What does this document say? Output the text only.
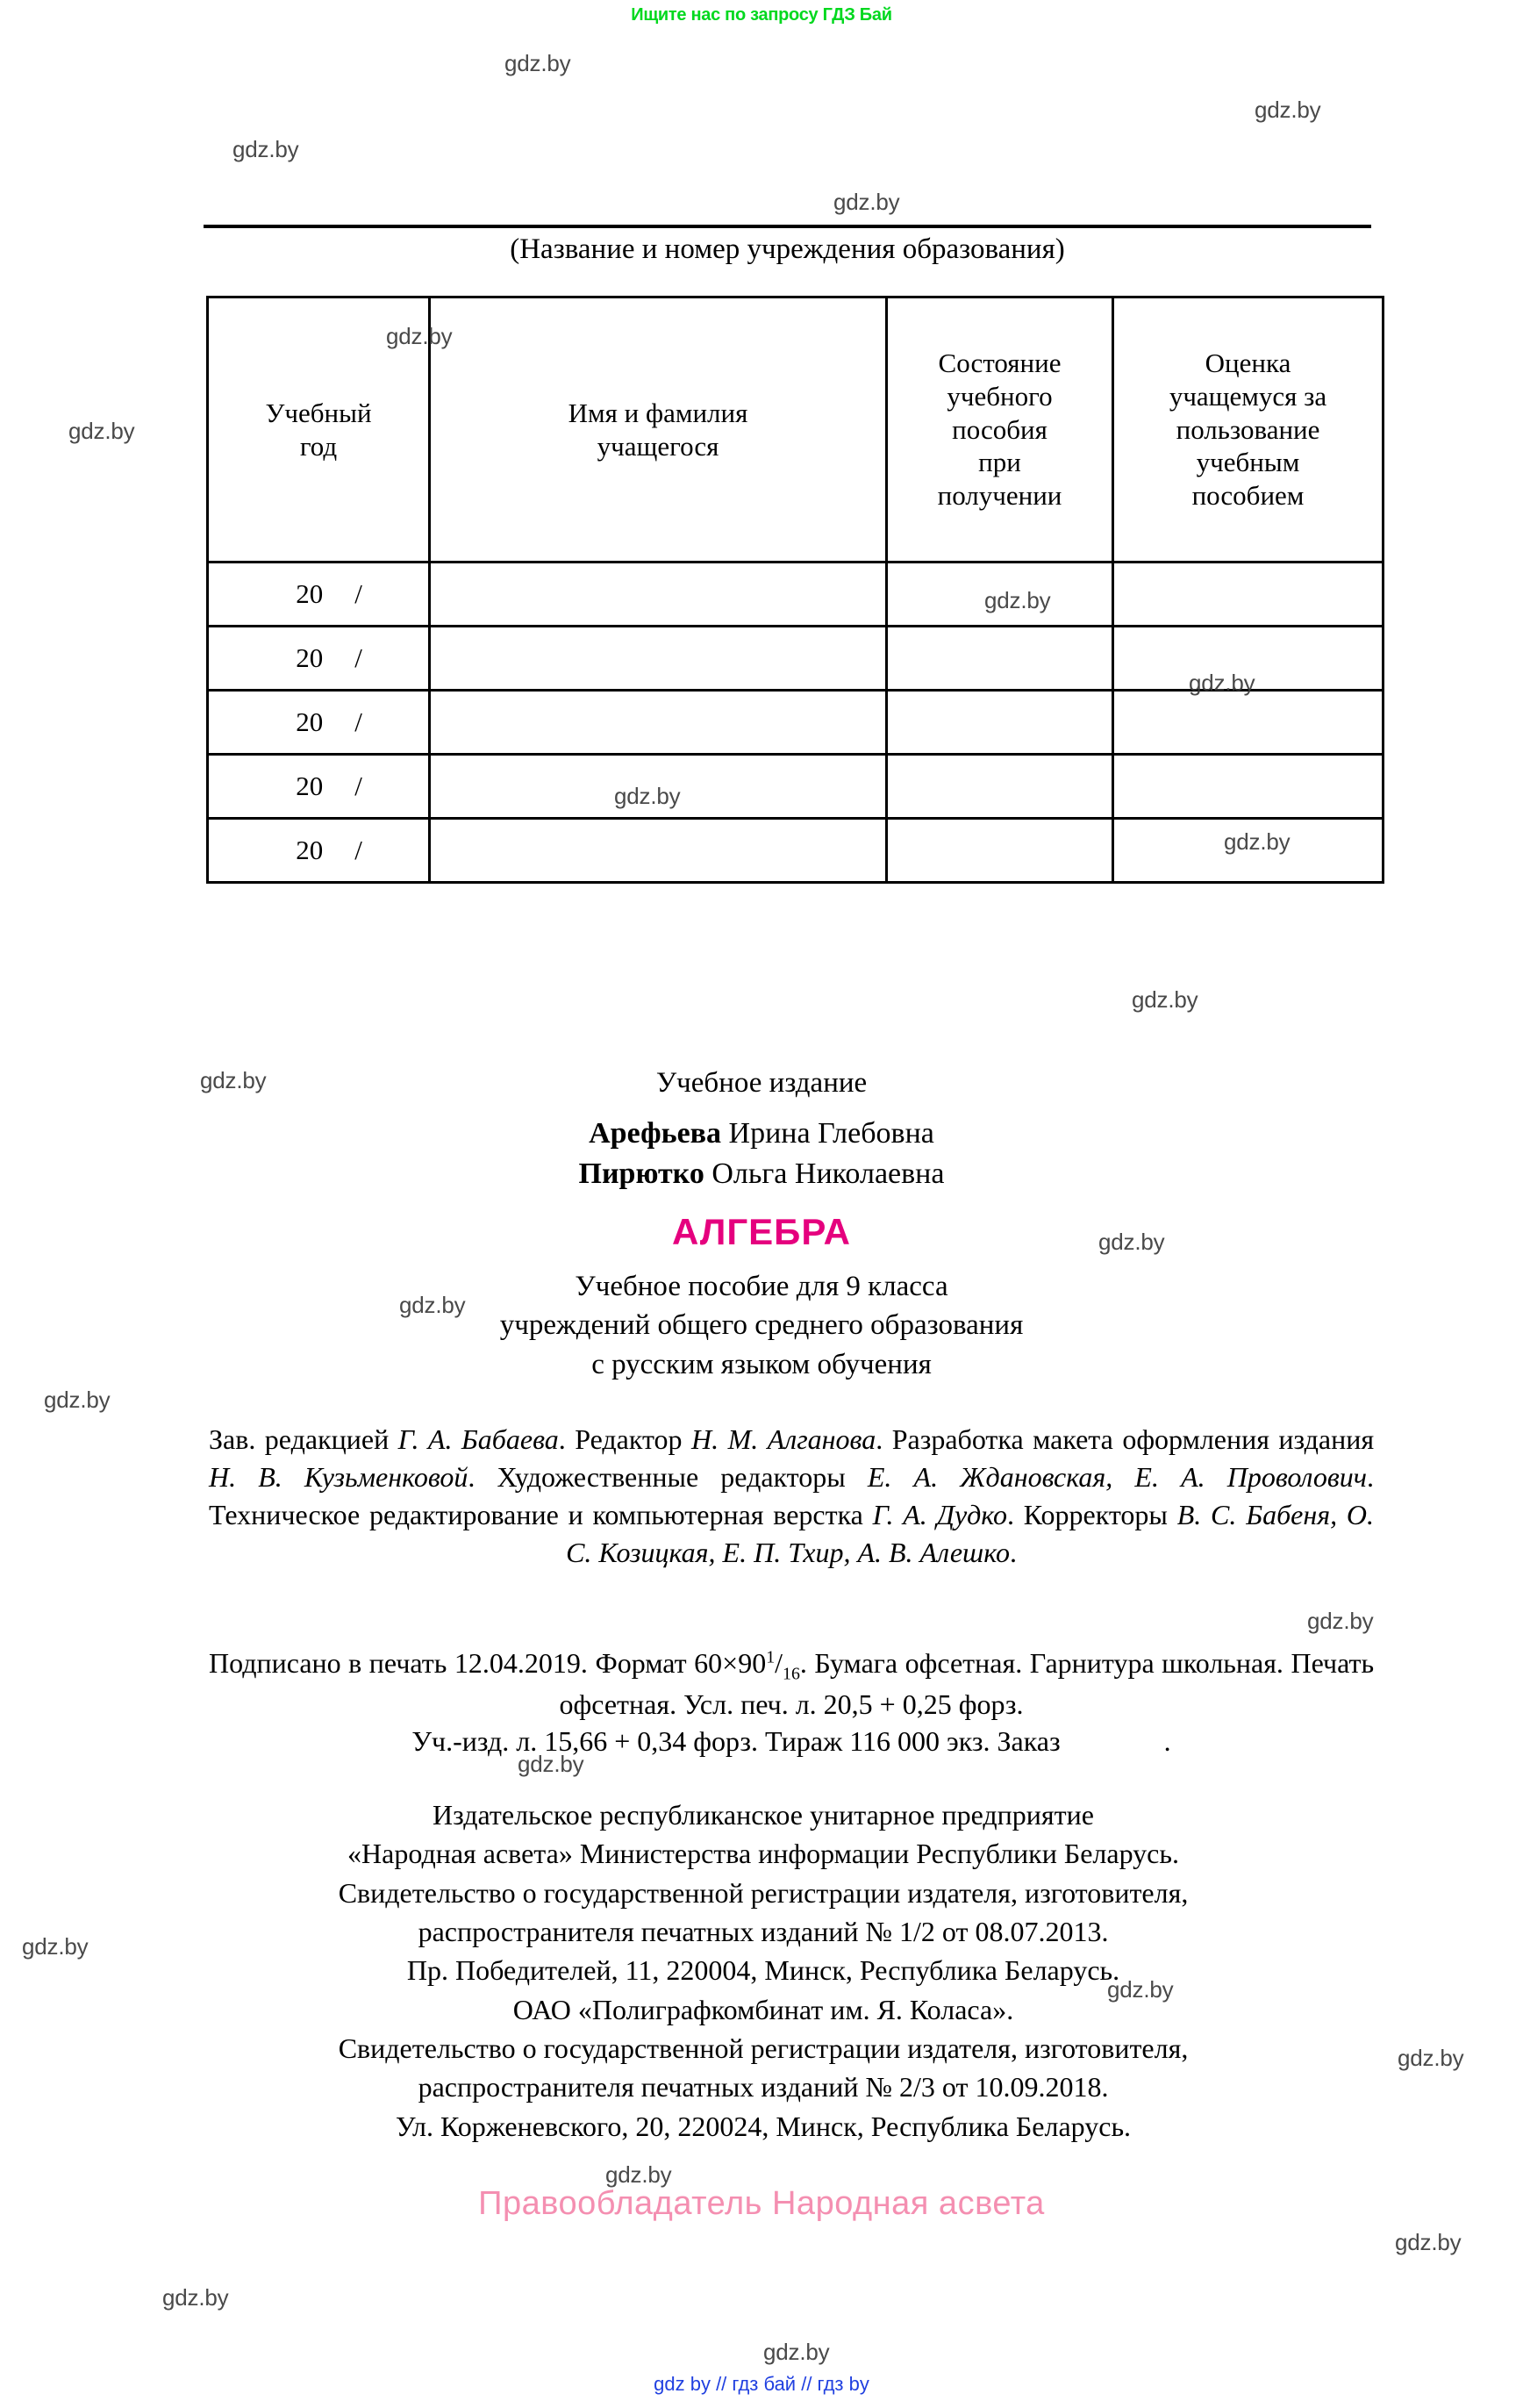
Ищите нас по запросу ГДЗ Бай
(Название и номер учреждения образования)
Учебный
год

Имя и фамилия
учащегося

Состояние
учебного
пособия
при
получении

Оценка
учащемуся за
пользование
учебным
пособием

20 /			
20 /			
20 /			
20 /			
20 /			
Учебное издание
Арефьева Ирина Глебовна
Пирютко Ольга Николаевна
АЛГЕБРА
Учебное пособие для 9 класса
учреждений общего среднего образования
с русским языком обучения
Зав. редакцией Г. А. Бабаева. Редактор Н. М. Алганова. Разработка макета оформления издания Н. В. Кузьменковой. Художественные редакторы Е. А. Ждановская, Е. А. Проволович. Техническое редактирование и компьютерная верстка Г. А. Дудко. Корректоры В. С. Бабеня, О. С. Козицкая, Е. П. Тхир, А. В. Алешко.
Подписано в печать 12.04.2019. Формат $60\times 90^1/_{16}$. Бумага офсетная. Гарнитура школьная. Печать офсетная. Усл. печ. л. 20,5 + 0,25 форз.
Уч.-изд. л. 15,66 + 0,34 форз. Тираж 116 000 экз. Заказ	.
Издательское республиканское унитарное предприятие
«Народная асвета» Министерства информации Республики Беларусь.
Свидетельство о государственной регистрации издателя, изготовителя,
распространителя печатных изданий № 1/2 от 08.07.2013.
Пр. Победителей, 11, 220004, Минск, Республика Беларусь.
ОАО «Полиграфкомбинат им. Я. Коласа».
Свидетельство о государственной регистрации издателя, изготовителя,
распространителя печатных изданий № 2/3 от 10.09.2018.
Ул. Корженевского, 20, 220024, Минск, Республика Беларусь.
Правообладатель Народная асвета
gdz by // гдз бай // гдз by
gdz.by
gdz.by
gdz.by
gdz.by
gdz.by
gdz.by
gdz.by
gdz.by
gdz.by
gdz.by
gdz.by
gdz.by
gdz.by
gdz.by
gdz.by
gdz.by
gdz.by
gdz.by
gdz.by
gdz.by
gdz.by
gdz.by
gdz.by
gdz.by
